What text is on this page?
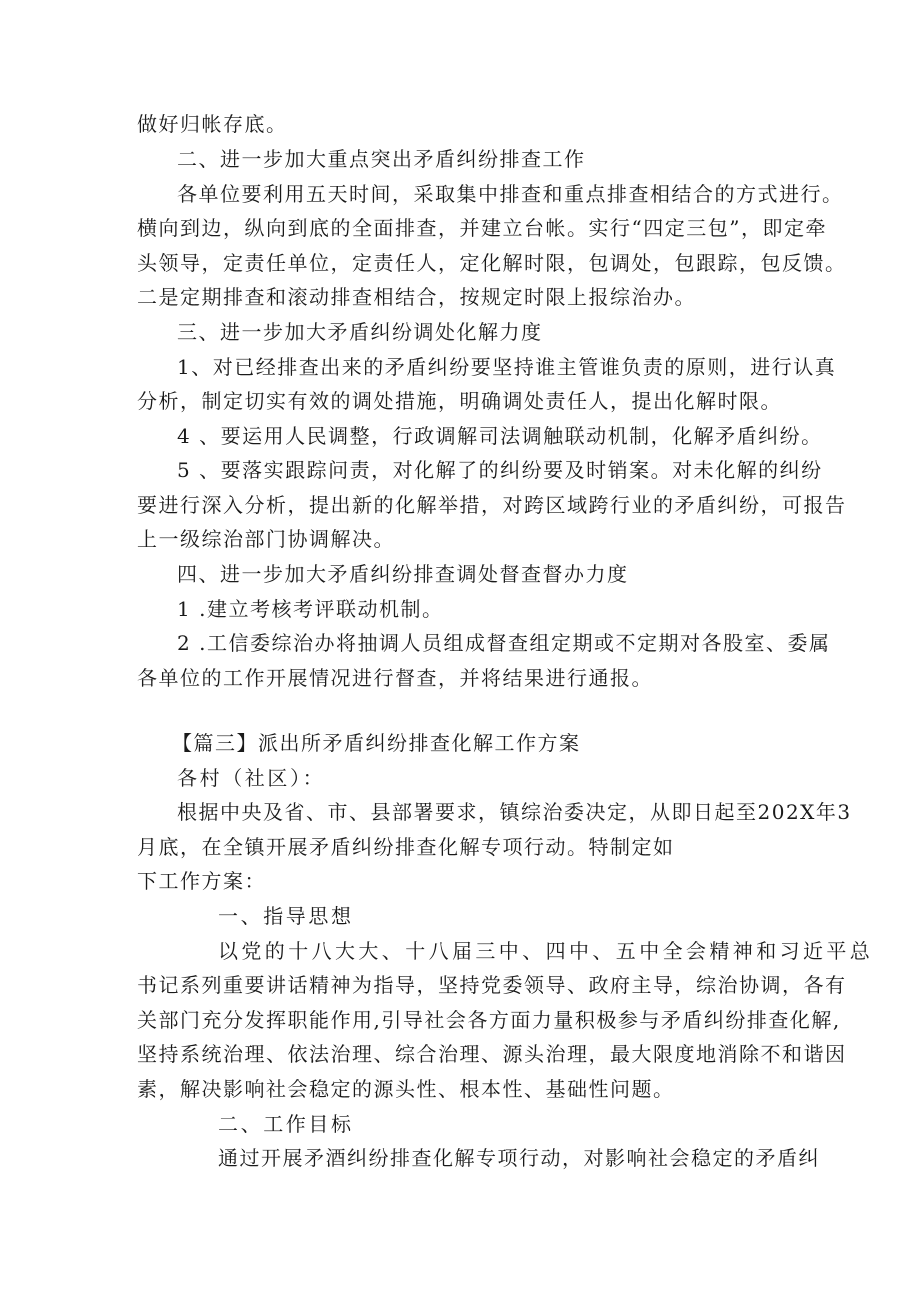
做好归帐存底。

二、进一步加大重点突出矛盾纠纷排查工作

各单位要利用五天时间，采取集中排查和重点排查相结合的方式进行。

横向到边，纵向到底的全面排查，并建立台帐。实行“四定三包”，即定牵

头领导，定责任单位，定责任人，定化解时限，包调处，包跟踪，包反馈。

二是定期排查和滚动排查相结合，按规定时限上报综治办。

三、进一步加大矛盾纠纷调处化解力度

1、对已经排查出来的矛盾纠纷要坚持谁主管谁负责的原则，进行认真

分析，制定切实有效的调处措施，明确调处责任人，提出化解时限。

4 、要运用人民调整，行政调解司法调触联动机制，化解矛盾纠纷。

5 、要落实跟踪问责，对化解了的纠纷要及时销案。对未化解的纠纷

要进行深入分析，提出新的化解举措，对跨区域跨行业的矛盾纠纷，可报告

上一级综治部门协调解决。

四、进一步加大矛盾纠纷排查调处督查督办力度

1 .建立考核考评联动机制。

2 .工信委综治办将抽调人员组成督查组定期或不定期对各股室、委属

各单位的工作开展情况进行督查，并将结果进行通报。

【篇三】派出所矛盾纠纷排查化解工作方案

各村（社区）：

根据中央及省、市、县部署要求，镇综治委决定，从即日起至202X年3

月底，在全镇开展矛盾纠纷排查化解专项行动。特制定如

下工作方案：

一、指导思想

以党的十八大大、十八届三中、四中、五中全会精神和习近平总

书记系列重要讲话精神为指导，坚持党委领导、政府主导，综治协调，各有

关部门充分发挥职能作用,引导社会各方面力量积极参与矛盾纠纷排查化解,

坚持系统治理、依法治理、综合治理、源头治理，最大限度地消除不和谐因

素，解决影响社会稳定的源头性、根本性、基础性问题。

二、工作目标

通过开展矛酒纠纷排查化解专项行动，对影响社会稳定的矛盾纠
